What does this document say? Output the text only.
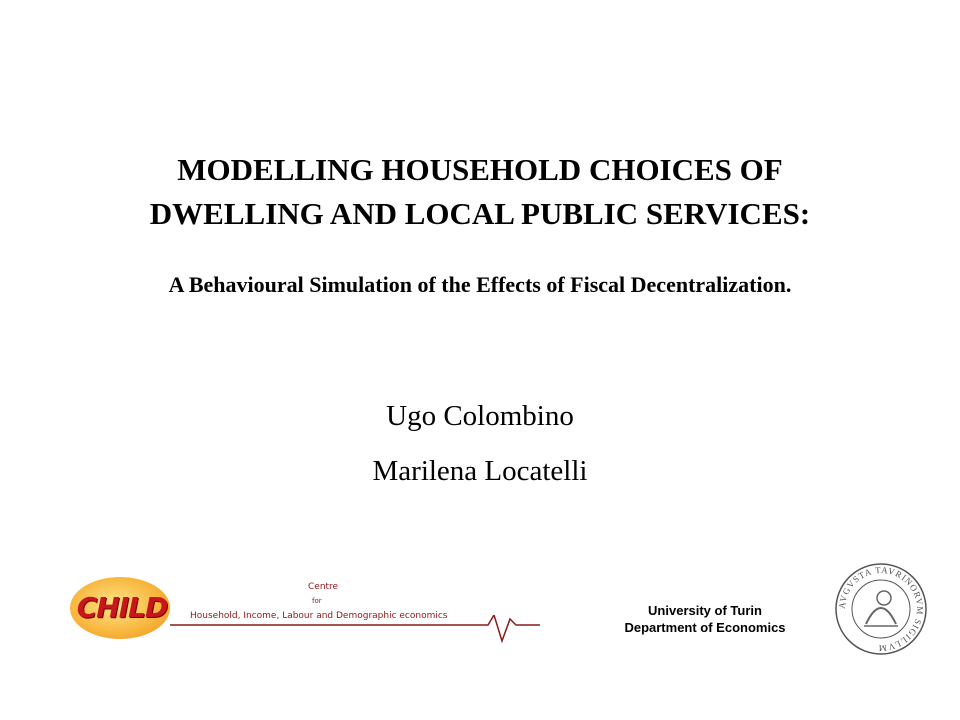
MODELLING HOUSEHOLD CHOICES OF
DWELLING AND LOCAL PUBLIC SERVICES:
A Behavioural Simulation of the Effects of Fiscal Decentralization.
Ugo Colombino
Marilena Locatelli
CHILD
Centre
for
Household, Income, Labour and Demographic economics	University of Turin
Department of Economics
AVGVSTA TAVRINORVM SIGILLVM
